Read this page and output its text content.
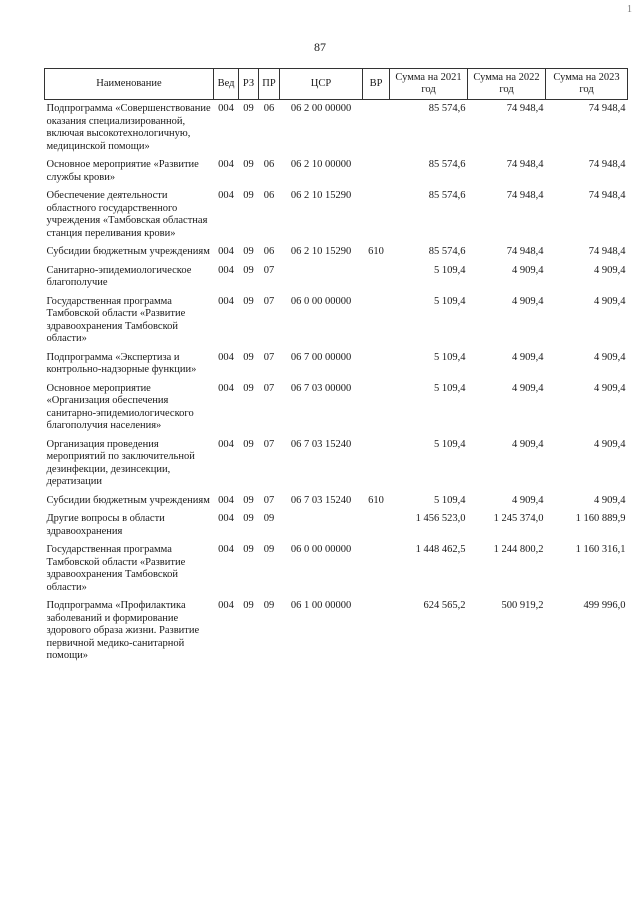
87
1
Наименование	Вед	РЗ	ПР	ЦСР	ВР	Сумма на 2021 год	Сумма на 2022 год	Сумма на 2023 год
Подпрограмма «Совершенствование оказания специализированной, включая высокотехнологичную, медицинской помощи»	004	09	06	06 2 00 00000		85 574,6	74 948,4	74 948,4
Основное мероприятие «Развитие службы крови»	004	09	06	06 2 10 00000		85 574,6	74 948,4	74 948,4
Обеспечение деятельности областного государственного учреждения «Тамбовская областная станция переливания крови»	004	09	06	06 2 10 15290		85 574,6	74 948,4	74 948,4
Субсидии бюджетным учреждениям	004	09	06	06 2 10 15290	610	85 574,6	74 948,4	74 948,4
Санитарно-эпидемиологическое благополучие	004	09	07			5 109,4	4 909,4	4 909,4
Государственная программа Тамбовской области «Развитие здравоохранения Тамбовской области»	004	09	07	06 0 00 00000		5 109,4	4 909,4	4 909,4
Подпрограмма «Экспертиза и контрольно-надзорные функции»	004	09	07	06 7 00 00000		5 109,4	4 909,4	4 909,4
Основное мероприятие «Организация обеспечения санитарно-эпидемиологического благополучия населения»	004	09	07	06 7 03 00000		5 109,4	4 909,4	4 909,4
Организация проведения мероприятий по заключительной дезинфекции, дезинсекции, дератизации	004	09	07	06 7 03 15240		5 109,4	4 909,4	4 909,4
Субсидии бюджетным учреждениям	004	09	07	06 7 03 15240	610	5 109,4	4 909,4	4 909,4
Другие вопросы в области здравоохранения	004	09	09			1 456 523,0	1 245 374,0	1 160 889,9
Государственная программа Тамбовской области «Развитие здравоохранения Тамбовской области»	004	09	09	06 0 00 00000		1 448 462,5	1 244 800,2	1 160 316,1
Подпрограмма «Профилактика заболеваний и формирование здорового образа жизни. Развитие первичной медико-санитарной помощи»	004	09	09	06 1 00 00000		624 565,2	500 919,2	499 996,0
